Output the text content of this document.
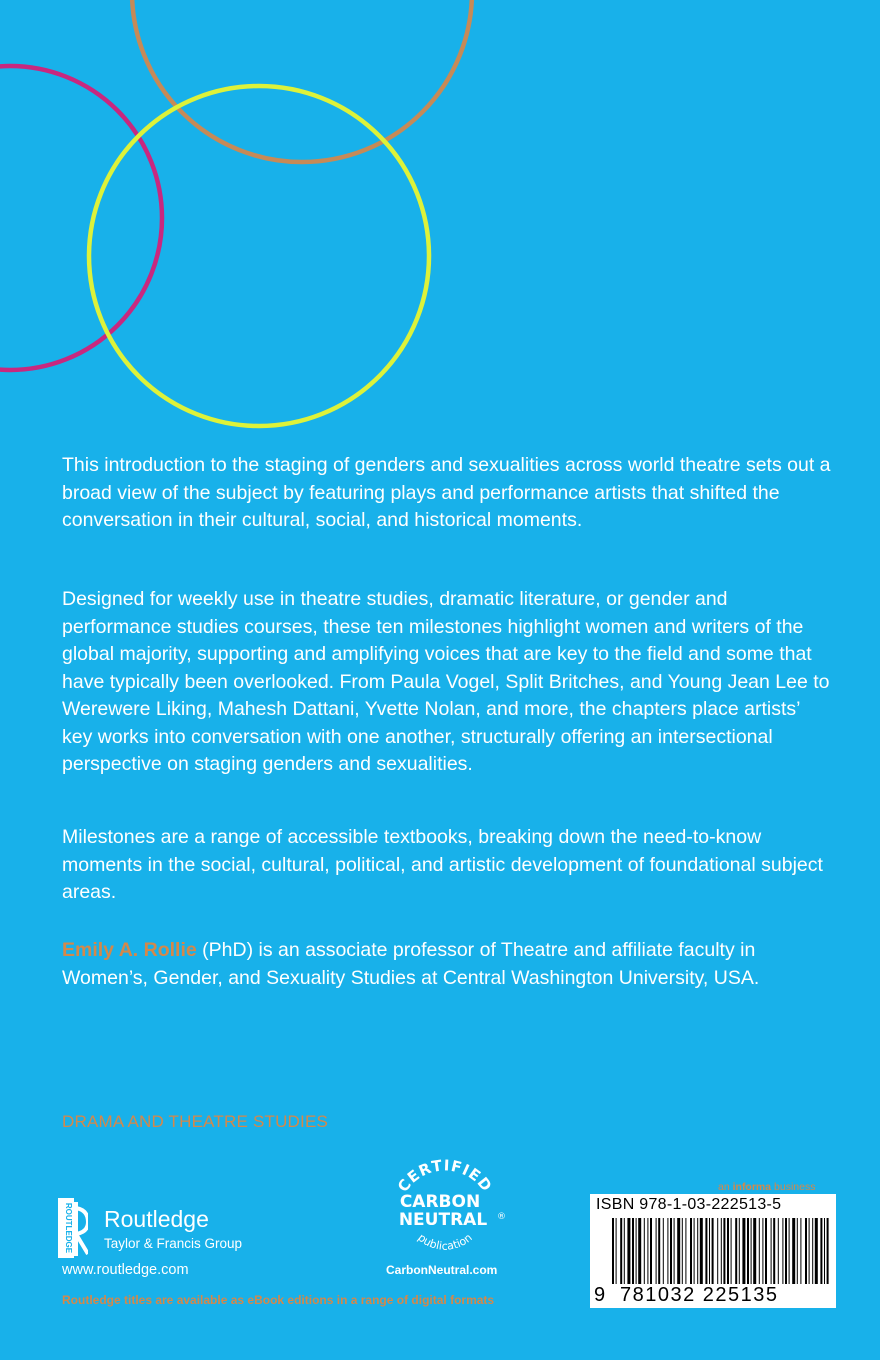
This introduction to the staging of genders and sexualities across world theatre sets out a broad view of the subject by featuring plays and performance artists that shifted the conversation in their cultural, social, and historical moments.

Designed for weekly use in theatre studies, dramatic literature, or gender and performance studies courses, these ten milestones highlight women and writers of the global majority, supporting and amplifying voices that are key to the field and some that have typically been overlooked. From Paula Vogel, Split Britches, and Young Jean Lee to Werewere Liking, Mahesh Dattani, Yvette Nolan, and more, the chapters place artists’ key works into conversation with one another, structurally offering an intersectional perspective on staging genders and sexualities.

Milestones are a range of accessible textbooks, breaking down the need-to-know moments in the social, cultural, political, and artistic development of foundational subject areas.

Emily A. Rollie (PhD) is an associate professor of Theatre and affiliate faculty in Women’s, Gender, and Sexuality Studies at Central Washington University, USA.

DRAMA AND THEATRE STUDIES
ROUTLEDGE Routledge
Taylor & Francis Group
www.routledge.com
Routledge titles are available as eBook editions in a range of digital formats
CERTIFIED
CARBON
NEUTRAL ®
publication
CarbonNeutral.com
an informa business
ISBN 978-1-03-222513-5
9 781032 225135
